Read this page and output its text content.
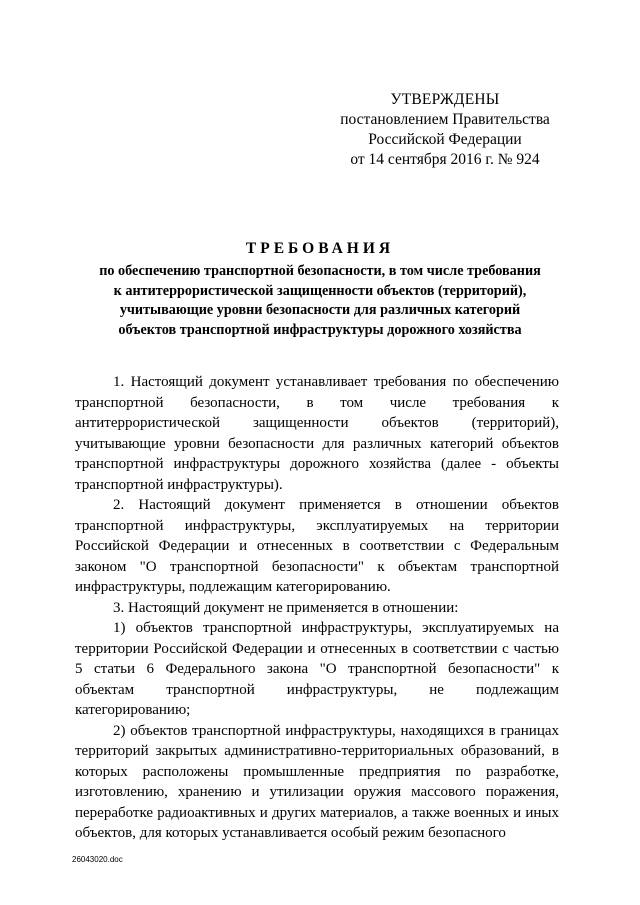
УТВЕРЖДЕНЫ
постановлением Правительства
Российской Федерации
от 14 сентября 2016 г. № 924
ТРЕБОВАНИЯ
по обеспечению транспортной безопасности, в том числе требования
к антитеррористической защищенности объектов (территорий),
учитывающие уровни безопасности для различных категорий
объектов транспортной инфраструктуры дорожного хозяйства

1. Настоящий документ устанавливает требования по обеспечению транспортной безопасности, в том числе требования к антитеррористической защищенности объектов (территорий), учитывающие уровни безопасности для различных категорий объектов транспортной инфраструктуры дорожного хозяйства (далее - объекты транспортной инфраструктуры).

2. Настоящий документ применяется в отношении объектов транспортной инфраструктуры, эксплуатируемых на территории Российской Федерации и отнесенных в соответствии с Федеральным законом "О транспортной безопасности" к объектам транспортной инфраструктуры, подлежащим категорированию.

3. Настоящий документ не применяется в отношении:

1) объектов транспортной инфраструктуры, эксплуатируемых на территории Российской Федерации и отнесенных в соответствии с частью 5 статьи 6 Федерального закона "О транспортной безопасности" к объектам транспортной инфраструктуры, не подлежащим категорированию;

2) объектов транспортной инфраструктуры, находящихся в границах территорий закрытых административно-территориальных образований, в которых расположены промышленные предприятия по разработке, изготовлению, хранению и утилизации оружия массового поражения, переработке радиоактивных и других материалов, а также военных и иных объектов, для которых устанавливается особый режим безопасного

26043020.doc
